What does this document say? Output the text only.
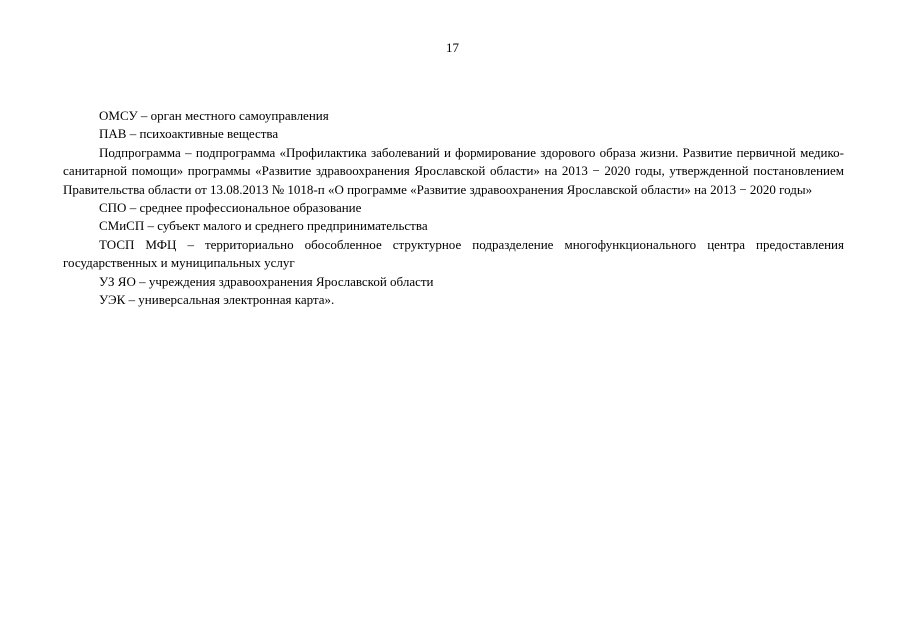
17

ОМСУ – орган местного самоуправления

ПАВ – психоактивные вещества

Подпрограмма – подпрограмма «Профилактика заболеваний и формирование здорового образа жизни. Развитие первичной медико-санитарной помощи» программы «Развитие здравоохранения Ярославской области» на 2013 − 2020 годы, утвержденной постановлением Правительства области от 13.08.2013 № 1018-п «О программе «Развитие здравоохранения Ярославской области» на 2013 − 2020 годы»

СПО – среднее профессиональное образование

СМиСП – субъект малого и среднего предпринимательства

ТОСП МФЦ – территориально обособленное структурное подразделение многофункционального центра предоставления государственных и муниципальных услуг

УЗ ЯО – учреждения здравоохранения Ярославской области

УЭК – универсальная электронная карта».
